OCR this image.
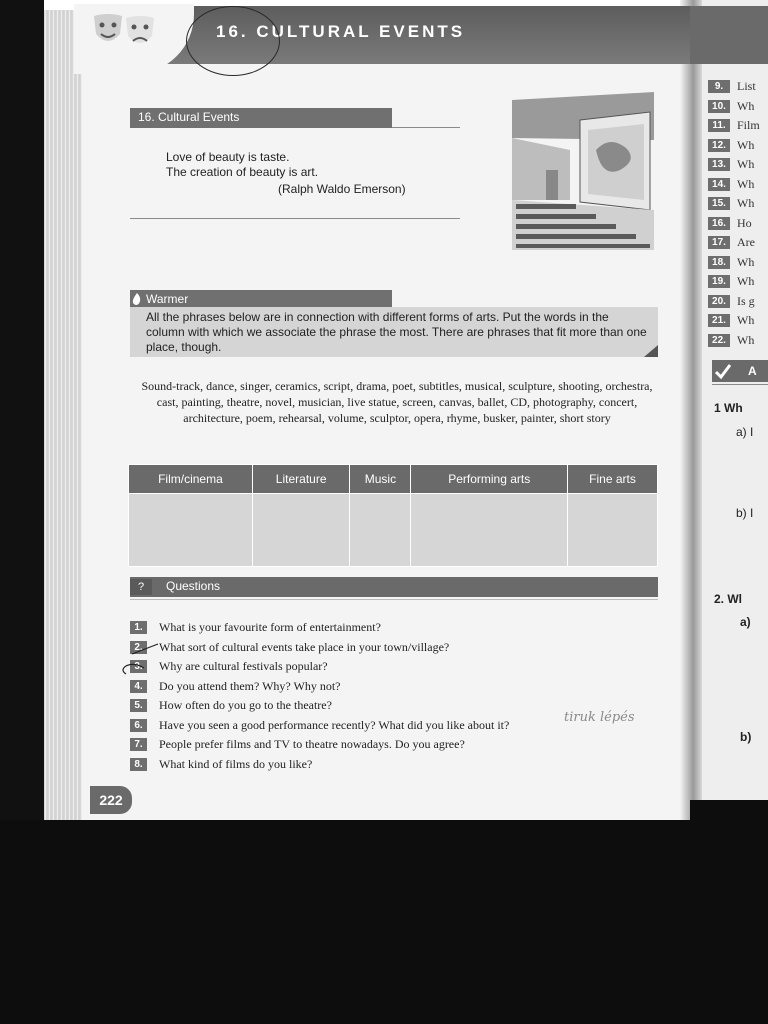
16. CULTURAL EVENTS
16. Cultural Events
Love of beauty is taste.
The creation of beauty is art.
(Ralph Waldo Emerson)
Warmer
All the phrases below are in connection with different forms of arts. Put the words in the column with which we associate the phrase the most. There are phrases that fit more than one place, though.
Sound-track, dance, singer, ceramics, script, drama, poet, subtitles, musical, sculpture, shooting, orchestra, cast, painting, theatre, novel, musician, live statue, screen, canvas, ballet, CD, photography, concert, architecture, poem, rehearsal, volume, sculptor, opera, rhyme, busker, painter, short story
Film/cinema	Literature	Music	Performing arts	Fine arts

Questions
?
1.	What is your favourite form of entertainment?
2.	What sort of cultural events take place in your town/village?
3.	Why are cultural festivals popular?
4.	Do you attend them? Why? Why not?
5.	How often do you go to the theatre?
6.	Have you seen a good performance recently? What did you like about it?
7.	People prefer films and TV to theatre nowadays. Do you agree?
8.	What kind of films do you like?
tiruk lépés
222
9.	List
10. Wh
11. Film
12. Wh
13. Wh
14. Wh
15. Wh
16. Ho
17. Are
18. Wh
19. Wh
20. Is g
21. Wh
22. Wh
A
1 Wh
a) I
b) I
2. Wl
a)
b)
